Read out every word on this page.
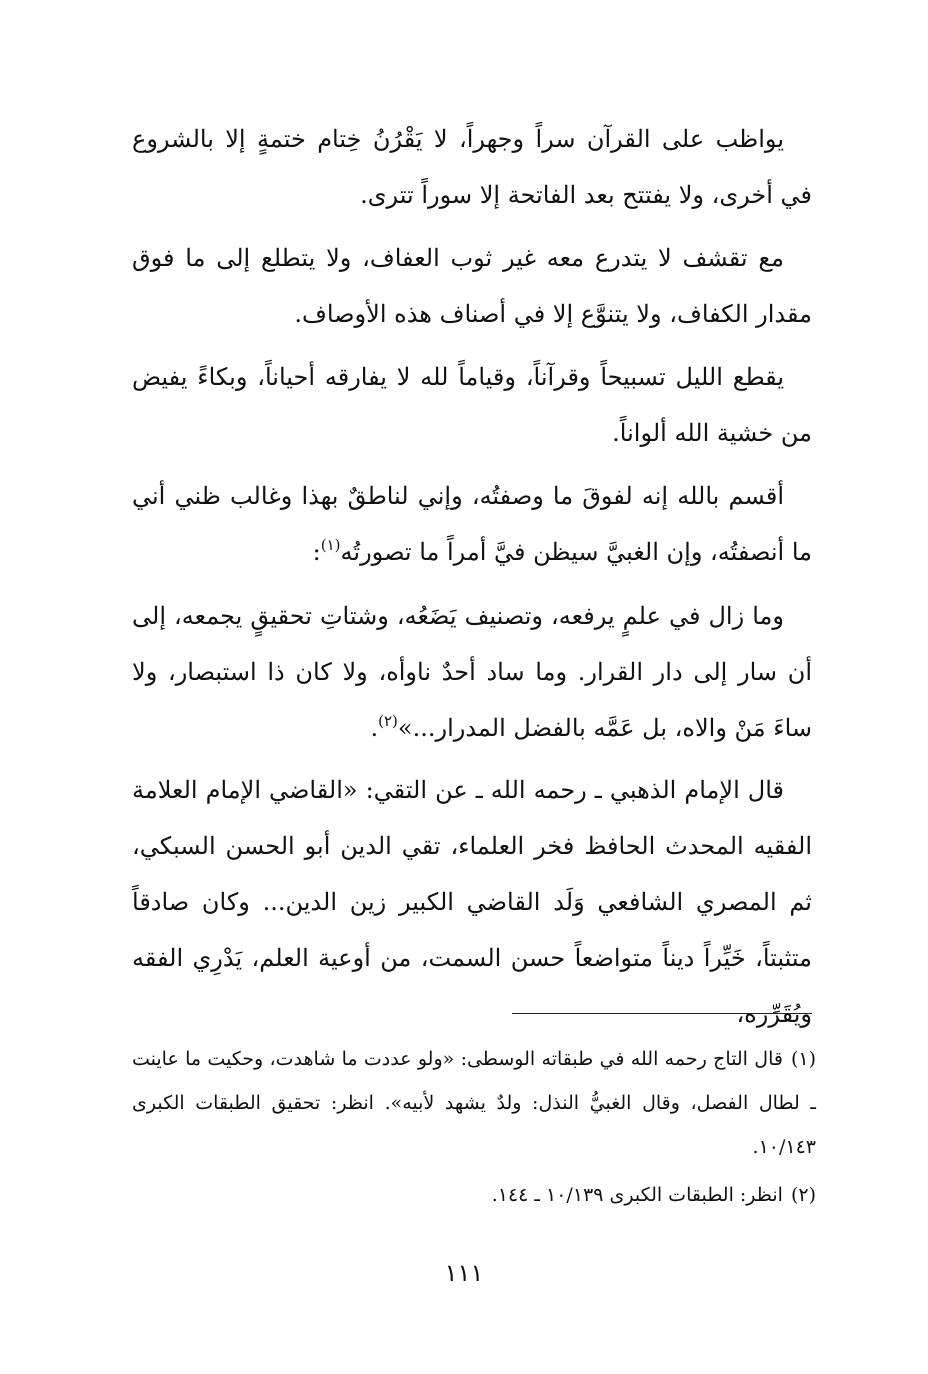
يواظب على القرآن سراً وجهراً، لا يَقْرُنُ خِتام ختمةٍ إلا بالشروع في أخرى، ولا يفتتح بعد الفاتحة إلا سوراً تترى.

مع تقشف لا يتدرع معه غير ثوب العفاف، ولا يتطلع إلى ما فوق مقدار الكفاف، ولا يتنوَّع إلا في أصناف هذه الأوصاف.

يقطع الليل تسبيحاً وقرآناً، وقياماً لله لا يفارقه أحياناً، وبكاءً يفيض من خشية الله ألواناً.

أقسم بالله إنه لفوقَ ما وصفتُه، وإني لناطقٌ بهذا وغالب ظني أني ما أنصفتُه، وإن الغبيَّ سيظن فيَّ أمراً ما تصورتُه$^{(١)}$:

وما زال في علمٍ يرفعه، وتصنيف يَضَعُه، وشتاتِ تحقيقٍ يجمعه، إلى أن سار إلى دار القرار. وما ساد أحدٌ ناوأه، ولا كان ذا استبصار، ولا ساءَ مَنْ والاه، بل عَمَّه بالفضل المدرار...»$^{(٢)}$.

قال الإمام الذهبي ـ رحمه الله ـ عن التقي: «القاضي الإمام العلامة الفقيه المحدث الحافظ فخر العلماء، تقي الدين أبو الحسن السبكي، ثم المصري الشافعي وَلَد القاضي الكبير زين الدين... وكان صادقاً متثبتاً، خَيِّراً ديناً متواضعاً حسن السمت، من أوعية العلم، يَدْرِي الفقه ويُقَرِّره،

(١)قال التاج رحمه الله في طبقاته الوسطى: «ولو عددت ما شاهدت، وحكيت ما عاينت ـ لطال الفصل، وقال الغبيُّ النذل: ولدٌ يشهد لأبيه». انظر: تحقيق الطبقات الكبرى ١٠/١٤٣.

(٢)انظر: الطبقات الكبرى ١٠/١٣٩ ـ ١٤٤.

١١١
